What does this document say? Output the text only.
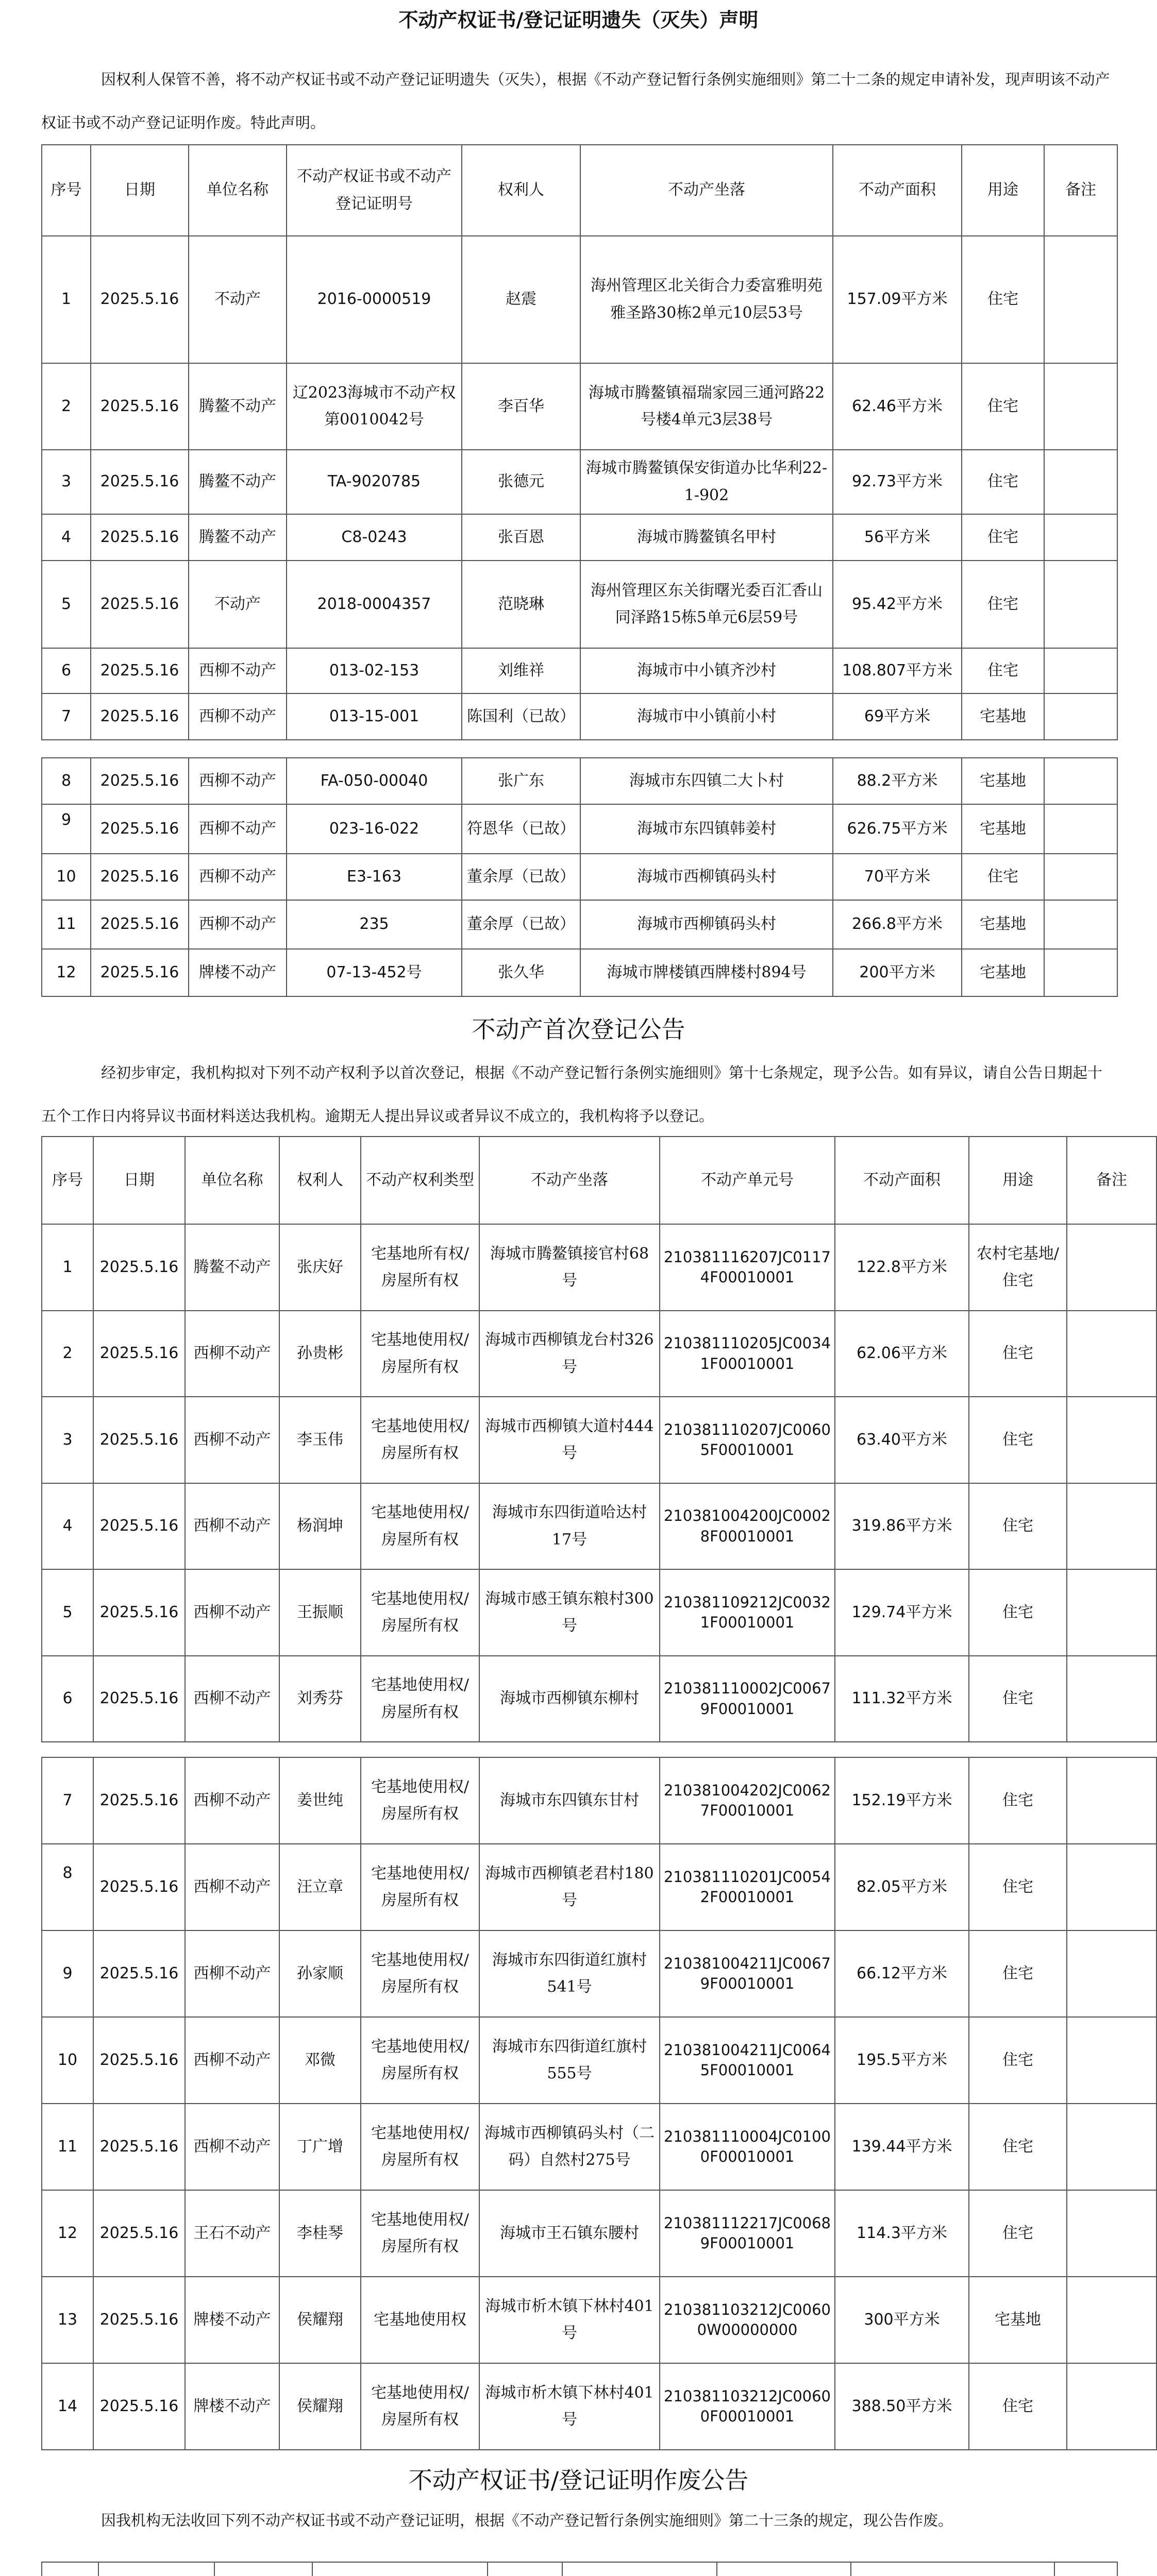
不动产权证书/登记证明遗失（灭失）声明
因权利人保管不善，将不动产权证书或不动产登记证明遗失（灭失），根据《不动产登记暂行条例实施细则》第二十二条的规定申请补发，现声明该不动产权证书或不动产登记证明作废。特此声明。
序号	日期	单位名称	不动产权证书或不动产登记证明号	权利人	不动产坐落	不动产面积	用途	备注
1	2025.5.16	不动产	2016-0000519	赵震	海州管理区北关街合力委富雅明苑雅圣路30栋2单元10层53号	157.09平方米	住宅	
2	2025.5.16	腾鳌不动产	辽2023海城市不动产权第0010042号	李百华	海城市腾鳌镇福瑞家园三通河路22号楼4单元3层38号	62.46平方米	住宅	
3	2025.5.16	腾鳌不动产	TA-9020785	张德元	海城市腾鳌镇保安街道办比华利22-1-902	92.73平方米	住宅	
4	2025.5.16	腾鳌不动产	C8-0243	张百恩	海城市腾鳌镇名甲村	56平方米	住宅	
5	2025.5.16	不动产	2018-0004357	范晓琳	海州管理区东关街曙光委百汇香山同泽路15栋5单元6层59号	95.42平方米	住宅	
6	2025.5.16	西柳不动产	013-02-153	刘维祥	海城市中小镇齐沙村	108.807平方米	住宅	
7	2025.5.16	西柳不动产	013-15-001	陈国利（已故）	海城市中小镇前小村	69平方米	宅基地	
8	2025.5.16	西柳不动产	FA-050-00040	张广东	海城市东四镇二大卜村	88.2平方米	宅基地	
9	2025.5.16	西柳不动产	023-16-022	符恩华（已故）	海城市东四镇韩姜村	626.75平方米	宅基地	
10	2025.5.16	西柳不动产	E3-163	董余厚（已故）	海城市西柳镇码头村	70平方米	住宅	
11	2025.5.16	西柳不动产	235	董余厚（已故）	海城市西柳镇码头村	266.8平方米	宅基地	
12	2025.5.16	牌楼不动产	07-13-452号	张久华	海城市牌楼镇西牌楼村894号	200平方米	宅基地	
不动产首次登记公告
经初步审定，我机构拟对下列不动产权利予以首次登记，根据《不动产登记暂行条例实施细则》第十七条规定，现予公告。如有异议，请自公告日期起十五个工作日内将异议书面材料送达我机构。逾期无人提出异议或者异议不成立的，我机构将予以登记。
序号	日期	单位名称	权利人	不动产权利类型	不动产坐落	不动产单元号	不动产面积	用途	备注
1	2025.5.16	腾鳌不动产	张庆好	宅基地所有权/房屋所有权	海城市腾鳌镇接官村68号	210381116207JC01174F00010001	122.8平方米	农村宅基地/住宅	
2	2025.5.16	西柳不动产	孙贵彬	宅基地使用权/房屋所有权	海城市西柳镇龙台村326号	210381110205JC00341F00010001	62.06平方米	住宅	
3	2025.5.16	西柳不动产	李玉伟	宅基地使用权/房屋所有权	海城市西柳镇大道村444号	210381110207JC00605F00010001	63.40平方米	住宅	
4	2025.5.16	西柳不动产	杨润坤	宅基地使用权/房屋所有权	海城市东四街道哈达村17号	210381004200JC00028F00010001	319.86平方米	住宅	
5	2025.5.16	西柳不动产	王振顺	宅基地使用权/房屋所有权	海城市感王镇东粮村300号	210381109212JC00321F00010001	129.74平方米	住宅	
6	2025.5.16	西柳不动产	刘秀芬	宅基地使用权/房屋所有权	海城市西柳镇东柳村	210381110002JC00679F00010001	111.32平方米	住宅	
7	2025.5.16	西柳不动产	姜世纯	宅基地使用权/房屋所有权	海城市东四镇东甘村	210381004202JC00627F00010001	152.19平方米	住宅	
8	2025.5.16	西柳不动产	汪立章	宅基地使用权/房屋所有权	海城市西柳镇老君村180号	210381110201JC00542F00010001	82.05平方米	住宅	
9	2025.5.16	西柳不动产	孙家顺	宅基地使用权/房屋所有权	海城市东四街道红旗村541号	210381004211JC00679F00010001	66.12平方米	住宅	
10	2025.5.16	西柳不动产	邓微	宅基地使用权/房屋所有权	海城市东四街道红旗村555号	210381004211JC00645F00010001	195.5平方米	住宅	
11	2025.5.16	西柳不动产	丁广增	宅基地使用权/房屋所有权	海城市西柳镇码头村（二码）自然村275号	210381110004JC01000F00010001	139.44平方米	住宅	
12	2025.5.16	王石不动产	李桂琴	宅基地使用权/房屋所有权	海城市王石镇东腰村	210381112217JC00689F00010001	114.3平方米	住宅	
13	2025.5.16	牌楼不动产	侯耀翔	宅基地使用权	海城市析木镇下林村401号	210381103212JC00600W00000000	300平方米	宅基地	
14	2025.5.16	牌楼不动产	侯耀翔	宅基地使用权/房屋所有权	海城市析木镇下林村401号	210381103212JC00600F00010001	388.50平方米	住宅	
不动产权证书/登记证明作废公告
因我机构无法收回下列不动产权证书或不动产登记证明，根据《不动产登记暂行条例实施细则》第二十三条的规定，现公告作废。
